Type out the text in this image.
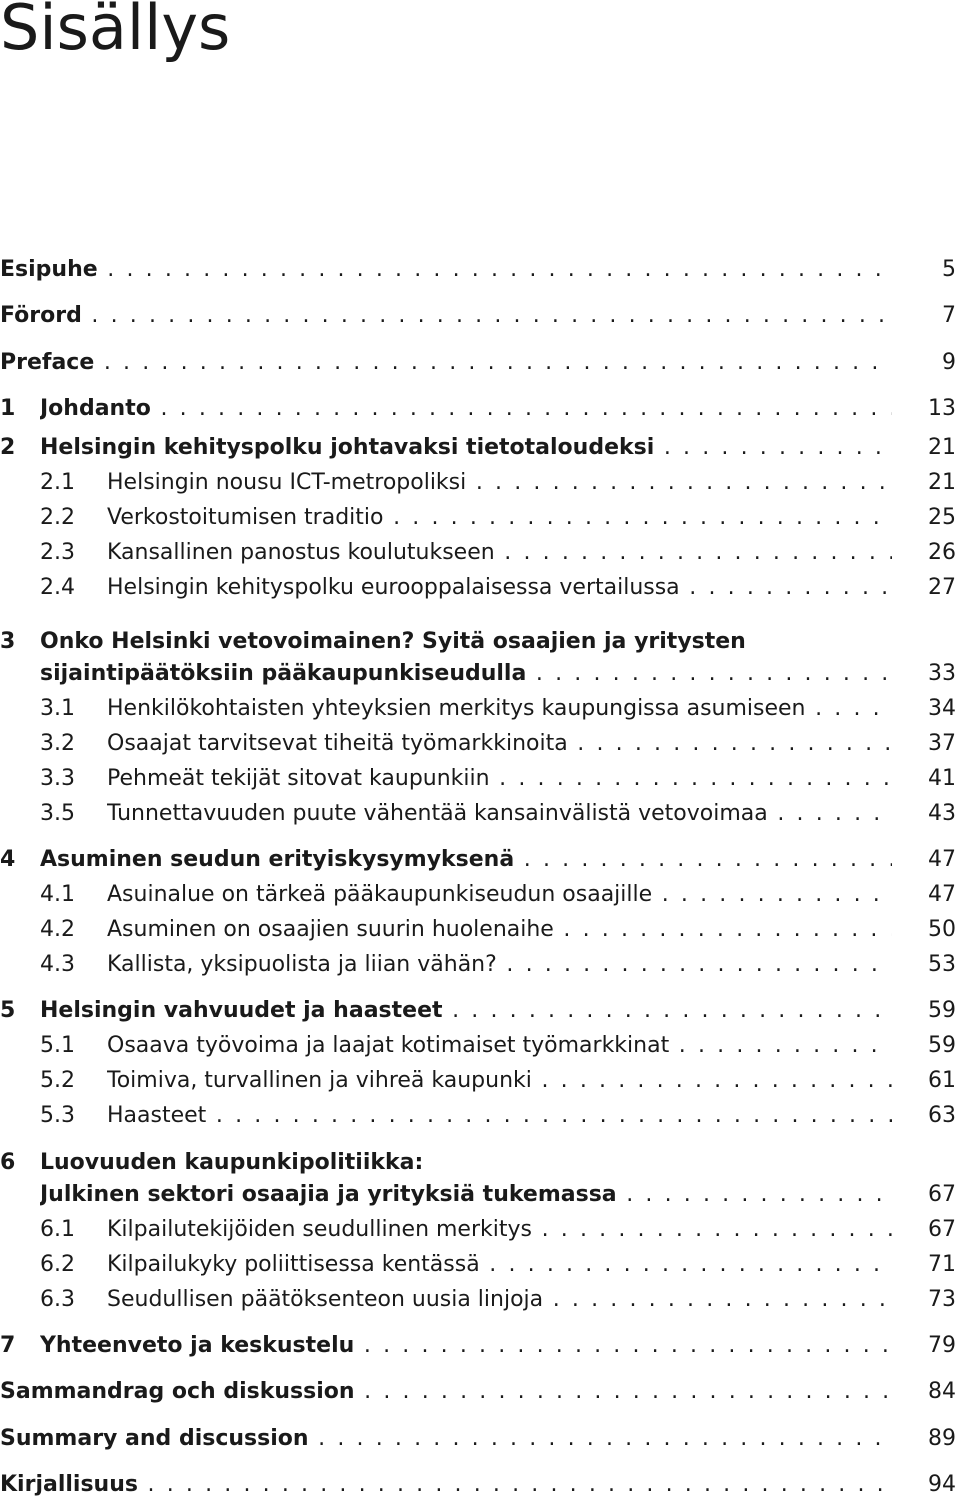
Sisällys
Esipuhe . . .	5
Förord . . .	7
Preface . . .	9
1 Johdanto . . .	13
2 Helsingin kehityspolku johtavaksi tietotaloudeksi . . .	21
2.1 Helsingin nousu ICT-metropoliksi . . .	21
2.2 Verkostoitumisen traditio . . .	25
2.3 Kansallinen panostus koulutukseen . . .	26
2.4 Helsingin kehityspolku eurooppalaisessa vertailussa . . .	27
3 Onko Helsinki vetovoimainen? Syitä osaajien ja yritysten
sijaintipäätöksiin pääkaupunkiseudulla . . .	33
3.1 Henkilökohtaisten yhteyksien merkitys kaupungissa asumiseen . . .	34
3.2 Osaajat tarvitsevat tiheitä työmarkkinoita . . .	37
3.3 Pehmeät tekijät sitovat kaupunkiin . . .	41
3.5 Tunnettavuuden puute vähentää kansainvälistä vetovoimaa . . .	43
4 Asuminen seudun erityiskysymyksenä . . .	47
4.1 Asuinalue on tärkeä pääkaupunkiseudun osaajille . . .	47
4.2 Asuminen on osaajien suurin huolenaihe . . .	50
4.3 Kallista, yksipuolista ja liian vähän? . . .	53
5 Helsingin vahvuudet ja haasteet . . .	59
5.1 Osaava työvoima ja laajat kotimaiset työmarkkinat . . .	59
5.2 Toimiva, turvallinen ja vihreä kaupunki . . .	61
5.3 Haasteet . . .	63
6 Luovuuden kaupunkipolitiikka:
Julkinen sektori osaajia ja yrityksiä tukemassa . . .	67
6.1 Kilpailutekijöiden seudullinen merkitys . . .	67
6.2 Kilpailukyky poliittisessa kentässä . . .	71
6.3 Seudullisen päätöksenteon uusia linjoja . . .	73
7 Yhteenveto ja keskustelu . . .	79
Sammandrag och diskussion . . .	84
Summary and discussion . . .	89
Kirjallisuus . . .	94
